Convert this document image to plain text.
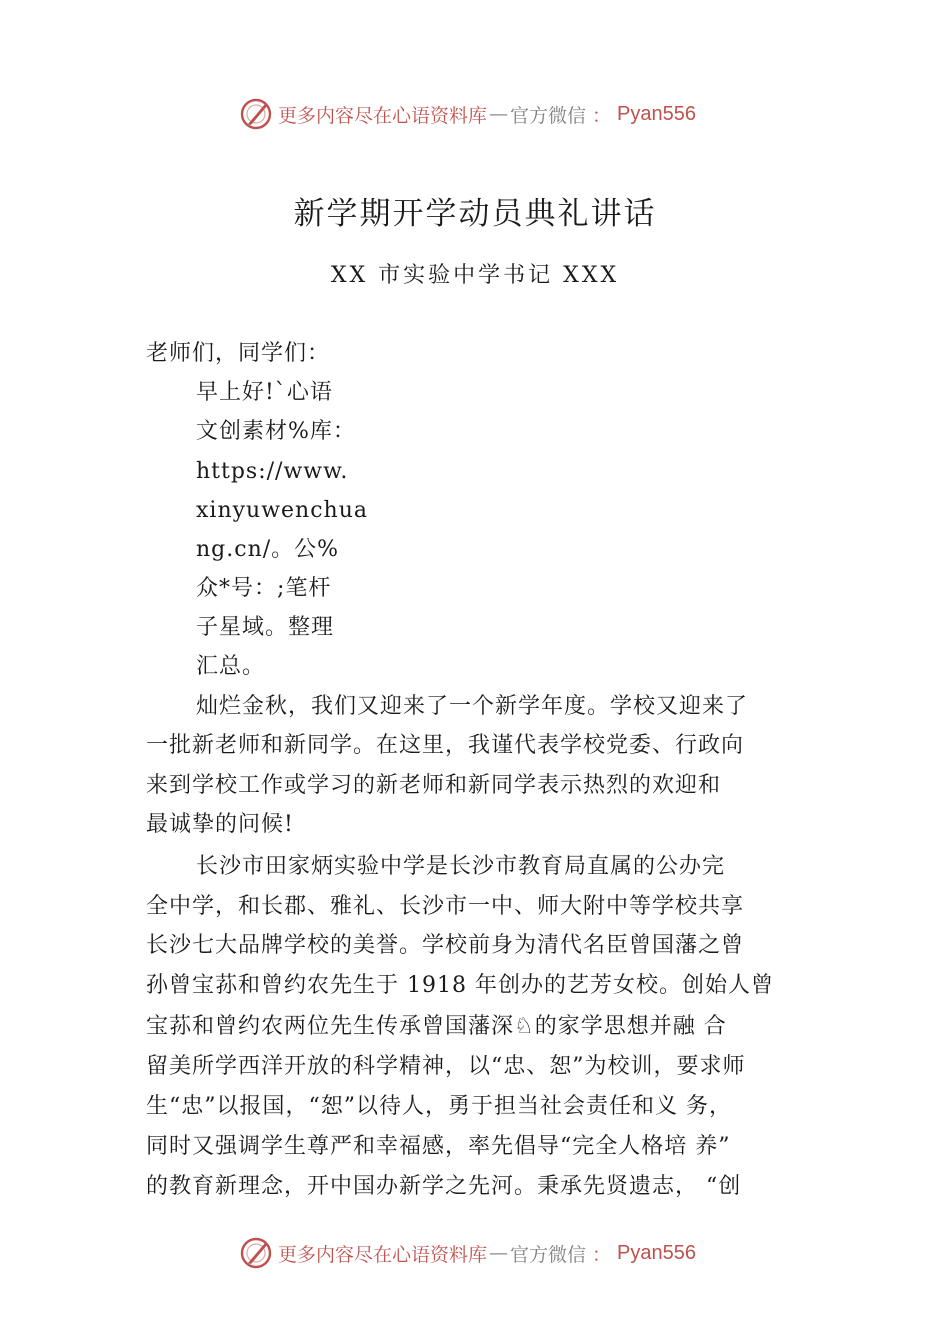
更多内容尽在心语资料库 — 官方微信 ： Pyan556
新学期开学动员典礼讲话

XX 市实验中学书记 XXX

老师们，同学们：

早上好!`心语

文创素材%库：

https://www.

xinyuwenchua

ng.cn/。公%

众*号：;笔杆

子星域。整理

汇总。

灿烂金秋，我们又迎来了一个新学年度。学校又迎来了

一批新老师和新同学。在这里，我谨代表学校党委、行政向

来到学校工作或学习的新老师和新同学表示热烈的欢迎和

最诚挚的问候!

长沙市田家炳实验中学是长沙市教育局直属的公办完

全中学，和长郡、雅礼、长沙市一中、师大附中等学校共享

长沙七大品牌学校的美誉。学校前身为清代名臣曾国藩之曾

孙曾宝荪和曾约农先生于 1918 年创办的艺芳女校。创始人曾

宝荪和曾约农两位先生传承曾国藩深♘的家学思想并融 合

留美所学西洋开放的科学精神，以“忠、恕”为校训，要求师

生“忠”以报国，“恕”以待人，勇于担当社会责任和义 务，

同时又强调学生尊严和幸福感，率先倡导“完全人格培 养”

的教育新理念，开中国办新学之先河。秉承先贤遗志， “创

更多内容尽在心语资料库 — 官方微信 ： Pyan556
